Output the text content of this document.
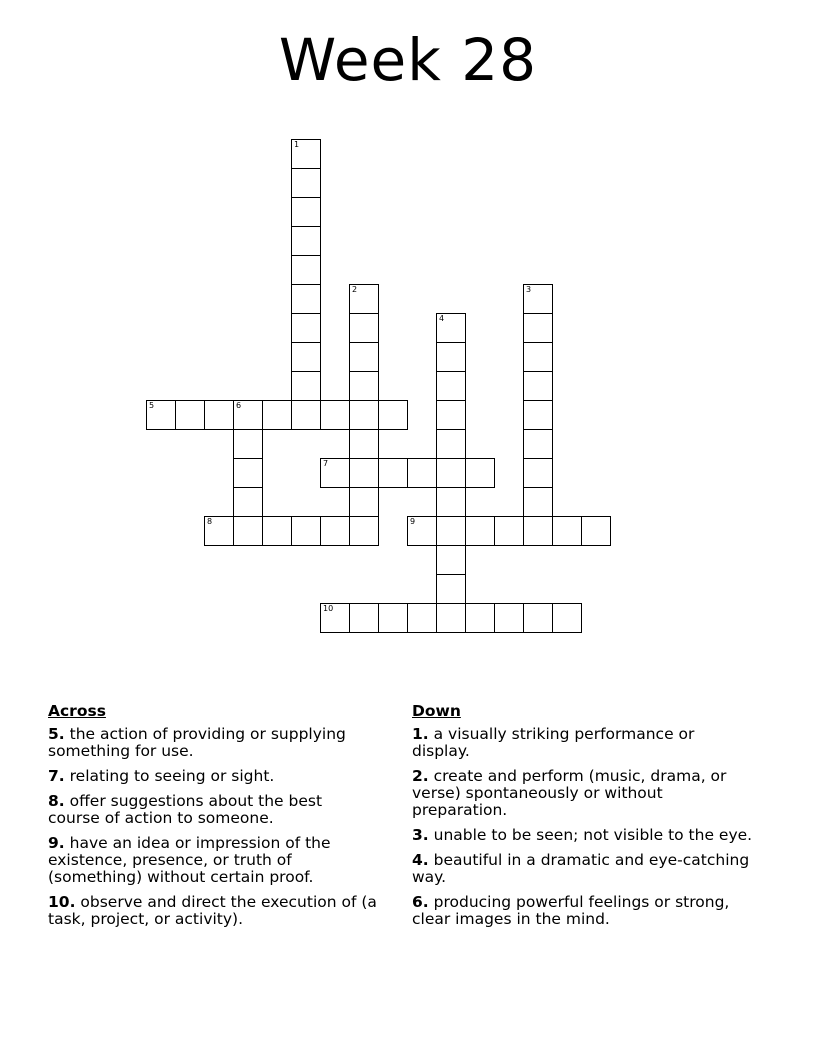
Week 28
1
2	3
4
5	6
7
8	9
10
Across
5. the action of providing or supplying something for use.
7. relating to seeing or sight.
8. offer suggestions about the best course of action to someone.
9. have an idea or impression of the existence, presence, or truth of (something) without certain proof.
10. observe and direct the execution of (a task, project, or activity).
Down
1. a visually striking performance or display.
2. create and perform (music, drama, or verse) spontaneously or without preparation.
3. unable to be seen; not visible to the eye.
4. beautiful in a dramatic and eye-catching way.
6. producing powerful feelings or strong, clear images in the mind.
